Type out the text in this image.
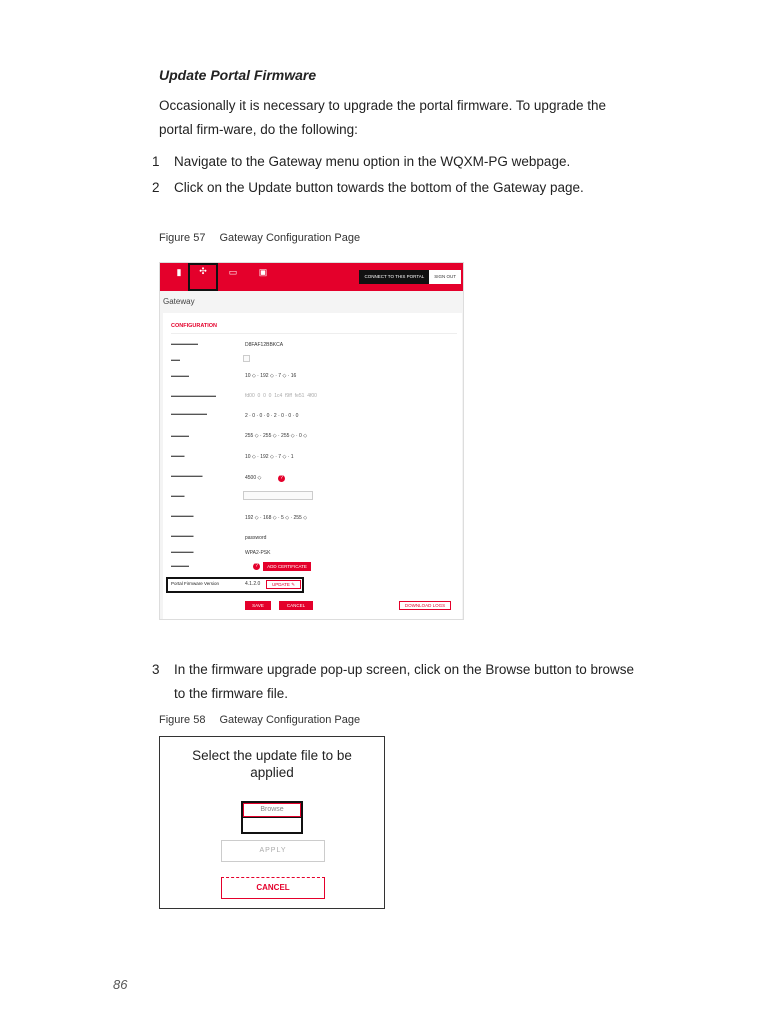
Update Portal Firmware
Occasionally it is necessary to upgrade the portal firmware. To upgrade the portal firm-ware, do the following:
1 Navigate to the Gateway menu option in the WQXM-PG webpage.
2 Click on the Update button towards the bottom of the Gateway page.
Figure 57 Gateway Configuration Page
▮	✣	▭	▣	CONNECT TO THIS PORTAL	SIGN OUT
Gateway
CONFIGURATION
▬▬▬▬▬▬	D8FAF12BBKCA
▬▬
▬▬▬▬	10 ◇ · 192 ◇ · 7 ◇ · 16
▬▬▬▬▬▬▬▬▬▬	fd00 0 0 0 1c4 f9ff fe51 4f00
▬▬▬▬▬▬▬▬	2 · 0 · 0 · 0 · 2 · 0 · 0 · 0
▬▬▬▬	255 ◇ · 255 ◇ · 255 ◇ · 0 ◇
▬▬▬	10 ◇ · 192 ◇ · 7 ◇ · 1
▬▬▬▬▬▬▬	4500 ◇	?
▬▬▬
▬▬▬▬▬	192 ◇ · 168 ◇ · 5 ◇ · 255 ◇
▬▬▬▬▬	password
▬▬▬▬▬	WPA2-PSK
▬▬▬▬	?	ADD CERTIFICATE
Portal Firmware Version	4.1.2.0	UPDATE ✎
SAVE	CANCEL	DOWNLOAD LOGS
3 In the firmware upgrade pop-up screen, click on the Browse button to browse to the firmware file.
Figure 58 Gateway Configuration Page
Select the update file to be
applied
Browse
APPLY
CANCEL
86
